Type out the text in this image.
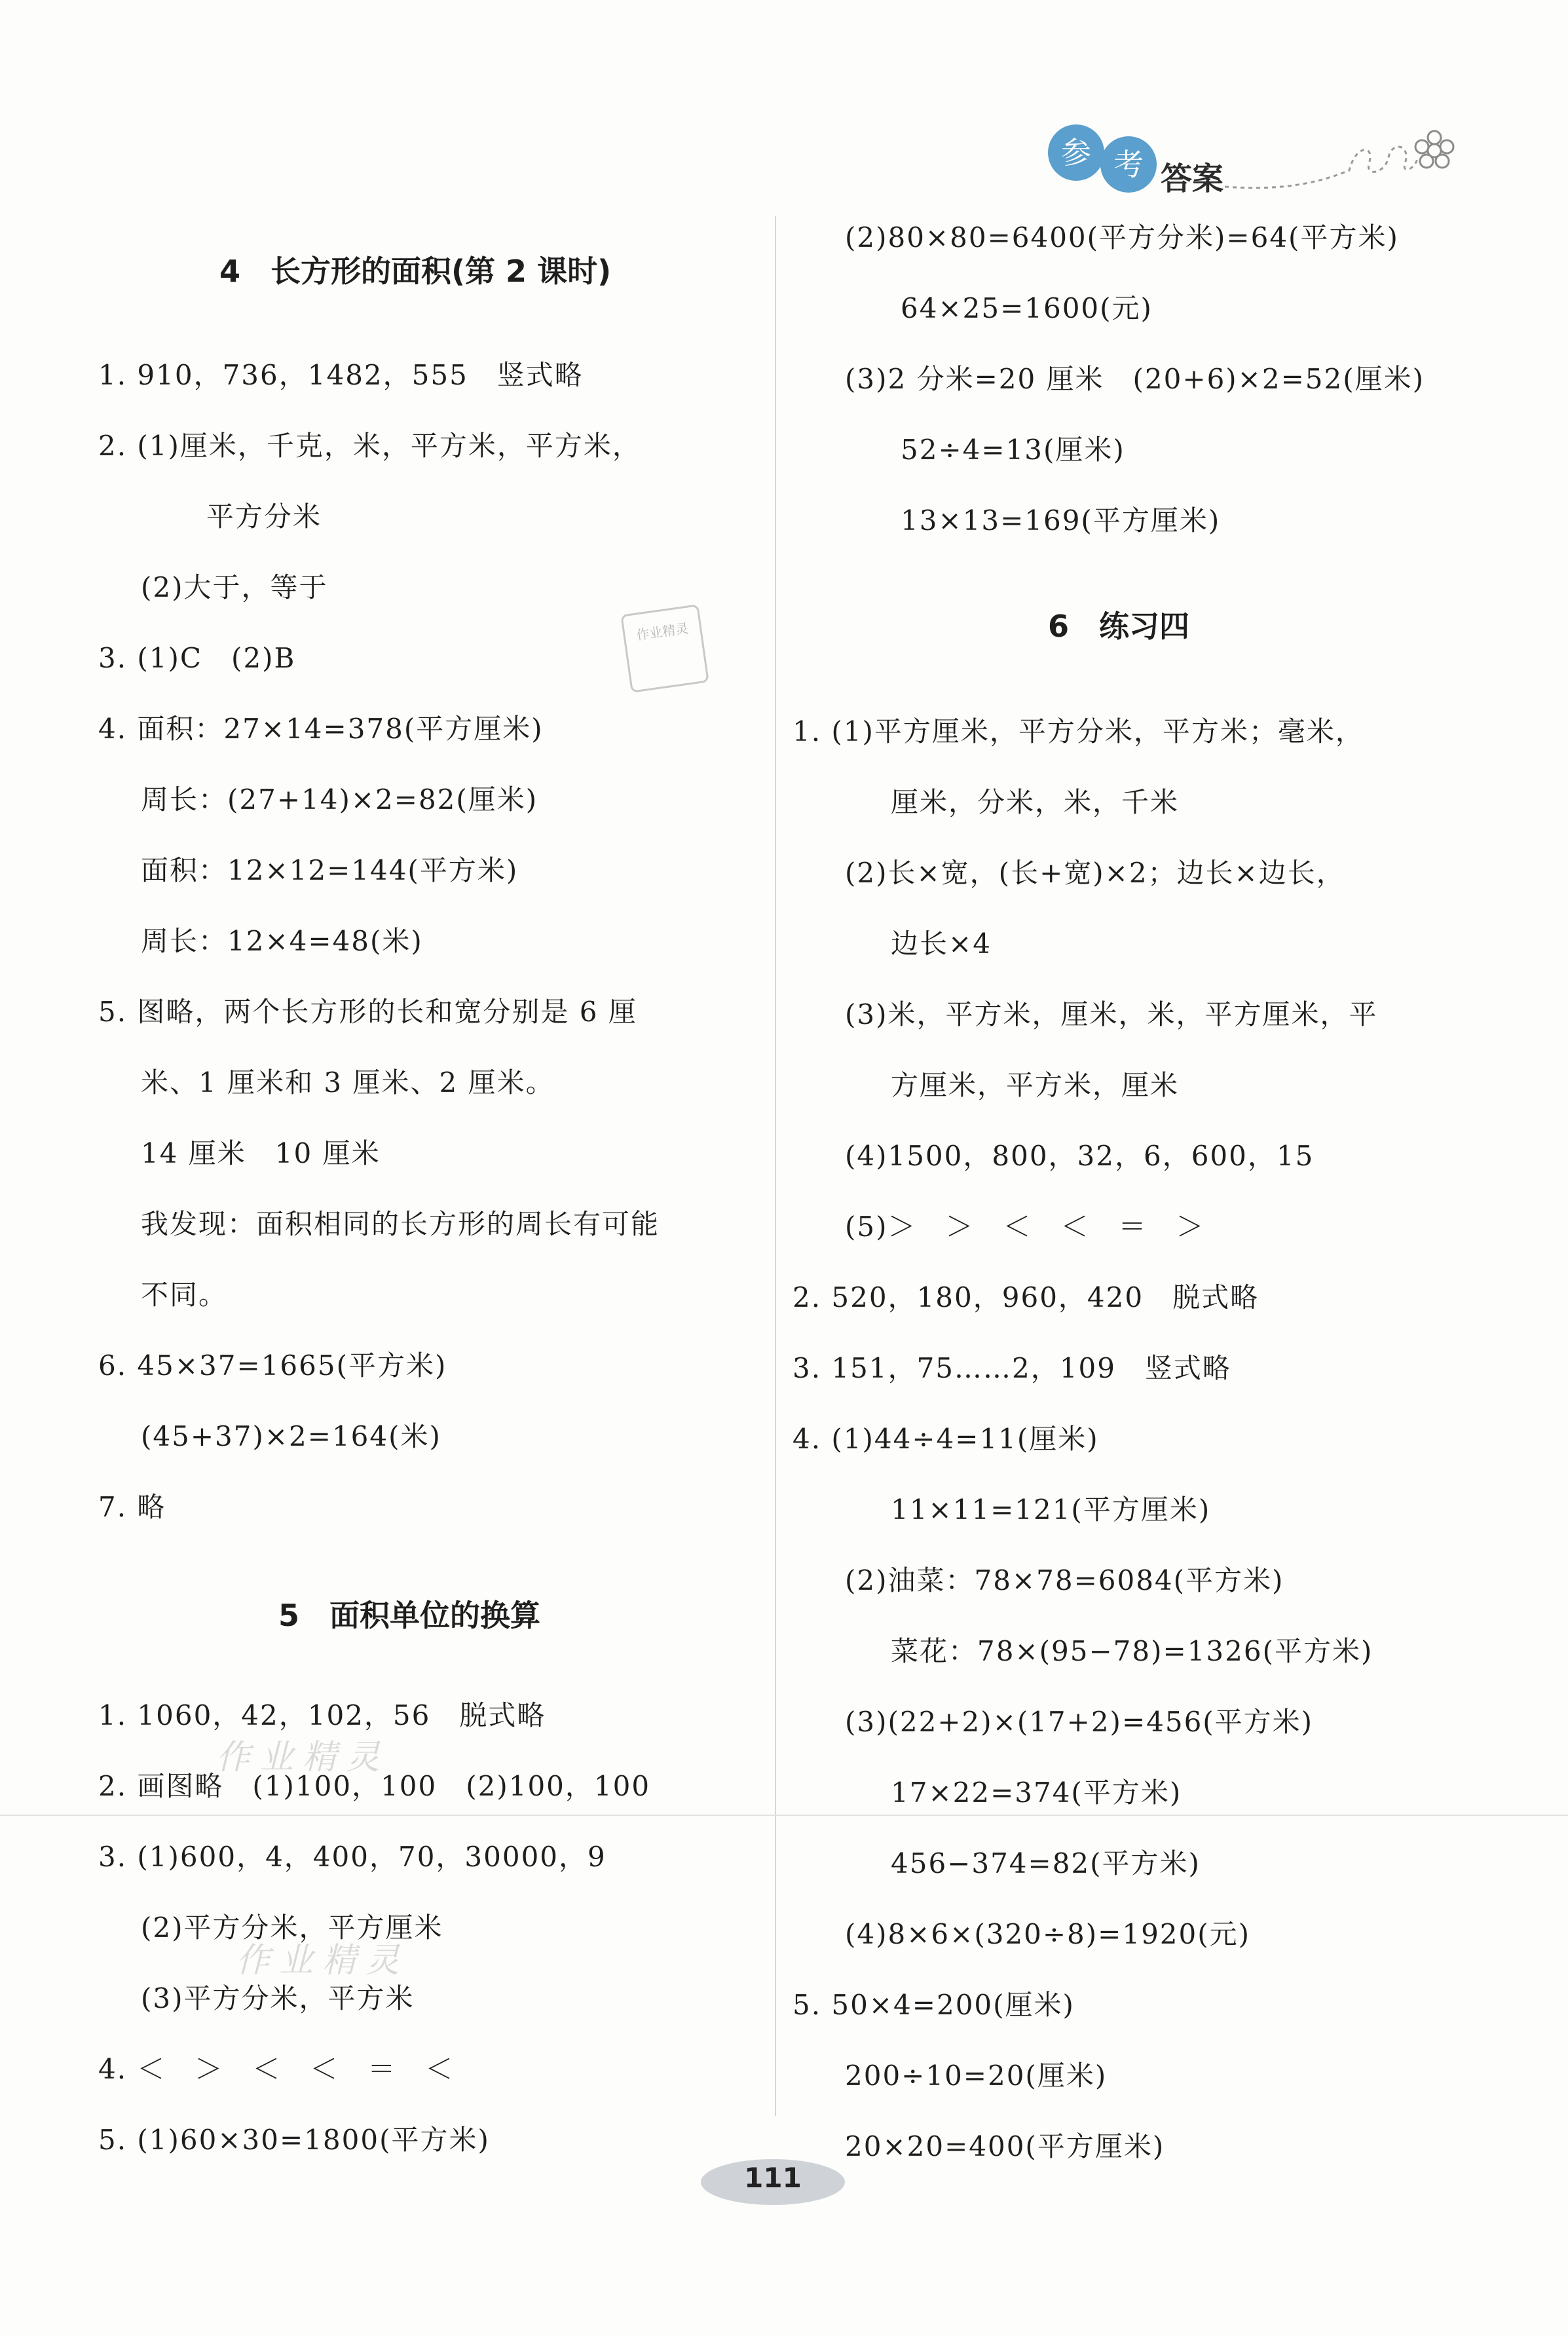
参 考 答案
4　长方形的面积(第 2 课时)
1. 910，736，1482，555　竖式略
2. (1)厘米，千克，米，平方米，平方米，
平方分米
(2)大于，等于
3. (1)C　(2)B
4. 面积：27×14=378(平方厘米)
周长：(27+14)×2=82(厘米)
面积：12×12=144(平方米)
周长：12×4=48(米)
5. 图略，两个长方形的长和宽分别是 6 厘
米、1 厘米和 3 厘米、2 厘米。
14 厘米　10 厘米
我发现：面积相同的长方形的周长有可能
不同。
6. 45×37=1665(平方米)
(45+37)×2=164(米)
7. 略
5　面积单位的换算
1. 1060，42，102，56　脱式略
2. 画图略　(1)100，100　(2)100，100
3. (1)600，4，400，70，30000，9
(2)平方分米，平方厘米
(3)平方分米，平方米
4. ＜　＞　＜　＜　＝　＜
5. (1)60×30=1800(平方米)
(2)80×80=6400(平方分米)=64(平方米)
64×25=1600(元)
(3)2 分米=20 厘米　(20+6)×2=52(厘米)
52÷4=13(厘米)
13×13=169(平方厘米)
6　练习四
1. (1)平方厘米，平方分米，平方米；毫米，
厘米，分米，米，千米
(2)长×宽，(长+宽)×2；边长×边长，
边长×4
(3)米，平方米，厘米，米，平方厘米，平
方厘米，平方米，厘米
(4)1500，800，32，6，600，15
(5)＞　＞　＜　＜　＝　＞
2. 520，180，960，420　脱式略
3. 151，75……2，109　竖式略
4. (1)44÷4=11(厘米)
11×11=121(平方厘米)
(2)油菜：78×78=6084(平方米)
菜花：78×(95−78)=1326(平方米)
(3)(22+2)×(17+2)=456(平方米)
17×22=374(平方米)
456−374=82(平方米)
(4)8×6×(320÷8)=1920(元)
5. 50×4=200(厘米)
200÷10=20(厘米)
20×20=400(平方厘米)
作业精灵
作业精灵
作业精灵
111
